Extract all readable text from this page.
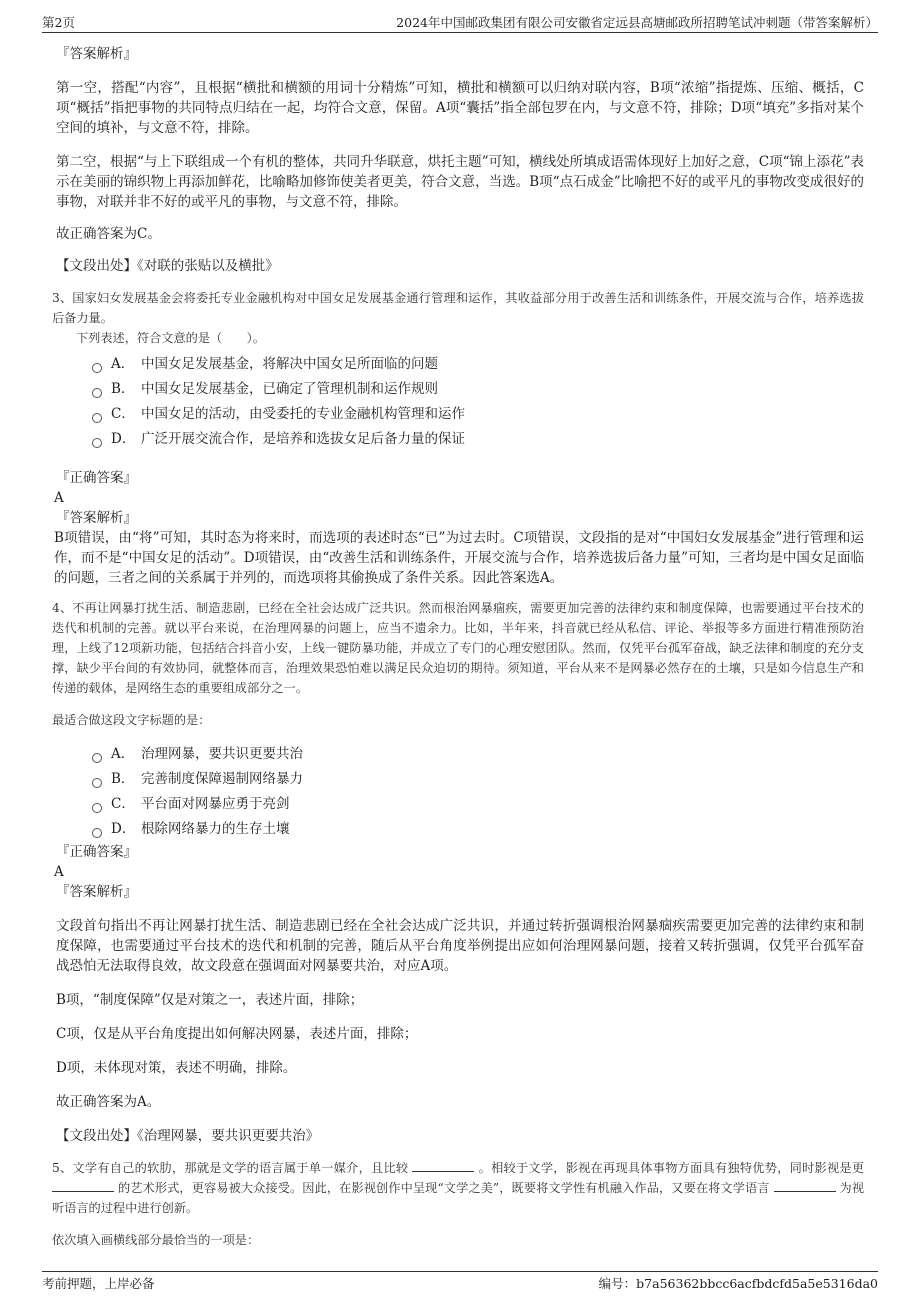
第2页	2024年中国邮政集团有限公司安徽省定远县高塘邮政所招聘笔试冲刺题（带答案解析）
『答案解析』
第一空，搭配“内容”，且根据“横批和横额的用词十分精炼”可知，横批和横额可以归纳对联内容，B项“浓缩”指提炼、压缩、概括，C项“概括”指把事物的共同特点归结在一起，均符合文意，保留。A项“囊括”指全部包罗在内，与文意不符，排除；D项“填充”多指对某个空间的填补，与文意不符，排除。
第二空，根据“与上下联组成一个有机的整体，共同升华联意，烘托主题”可知，横线处所填成语需体现好上加好之意，C项“锦上添花”表示在美丽的锦织物上再添加鲜花，比喻略加修饰使美者更美，符合文意，当选。B项“点石成金”比喻把不好的或平凡的事物改变成很好的事物，对联并非不好的或平凡的事物，与文意不符，排除。
故正确答案为C。
【文段出处】《对联的张贴以及横批》
3、国家妇女发展基金会将委托专业金融机构对中国女足发展基金通行管理和运作，其收益部分用于改善生活和训练条件，开展交流与合作，培养选拔后备力量。
下列表述，符合文意的是（　　）。
A． 中国女足发展基金，将解决中国女足所面临的问题
B． 中国女足发展基金，已确定了管理机制和运作规则
C． 中国女足的活动，由受委托的专业金融机构管理和运作
D． 广泛开展交流合作，是培养和选拔女足后备力量的保证
『正确答案』
A
『答案解析』
B项错误，由“将”可知，其时态为将来时，而选项的表述时态“已”为过去时。C项错误，文段指的是对“中国妇女发展基金”进行管理和运作，而不是“中国女足的活动”。D项错误，由“改善生活和训练条件，开展交流与合作，培养选拔后备力量”可知，三者均是中国女足面临的问题，三者之间的关系属于并列的，而选项将其偷换成了条件关系。因此答案选A。
4、不再让网暴打扰生活、制造悲剧，已经在全社会达成广泛共识。然而根治网暴痼疾，需要更加完善的法律约束和制度保障，也需要通过平台技术的迭代和机制的完善。就以平台来说，在治理网暴的问题上，应当不遗余力。比如，半年来，抖音就已经从私信、评论、举报等多方面进行精准预防治理，上线了12项新功能，包括结合抖音小安，上线一键防暴功能，并成立了专门的心理安慰团队。然而，仅凭平台孤军奋战，缺乏法律和制度的充分支撑，缺少平台间的有效协同，就整体而言，治理效果恐怕难以满足民众迫切的期待。须知道，平台从来不是网暴必然存在的土壤，只是如今信息生产和传递的载体，是网络生态的重要组成部分之一。
最适合做这段文字标题的是：
A． 治理网暴，要共识更要共治
B． 完善制度保障遏制网络暴力
C． 平台面对网暴应勇于亮剑
D． 根除网络暴力的生存土壤
『正确答案』
A
『答案解析』
文段首句指出不再让网暴打扰生活、制造悲剧已经在全社会达成广泛共识，并通过转折强调根治网暴痼疾需要更加完善的法律约束和制度保障，也需要通过平台技术的迭代和机制的完善，随后从平台角度举例提出应如何治理网暴问题，接着又转折强调，仅凭平台孤军奋战恐怕无法取得良效，故文段意在强调面对网暴要共治，对应A项。
B项，“制度保障”仅是对策之一，表述片面，排除；
C项，仅是从平台角度提出如何解决网暴，表述片面，排除；
D项，未体现对策，表述不明确，排除。
故正确答案为A。
【文段出处】《治理网暴，要共识更要共治》
5、文学有自己的软肋，那就是文学的语言属于单一媒介，且比较	。相较于文学，影视在再现具体事物方面具有独特优势，同时影视是更  的艺术形式，更容易被大众接受。因此，在影视创作中呈现“文学之美”，既要将文学性有机融入作品，又要在将文学语言	为视听语言的过程中进行创新。
依次填入画横线部分最恰当的一项是：
考前押题，上岸必备	编号：b7a56362bbcc6acfbdcfd5a5e5316da0
